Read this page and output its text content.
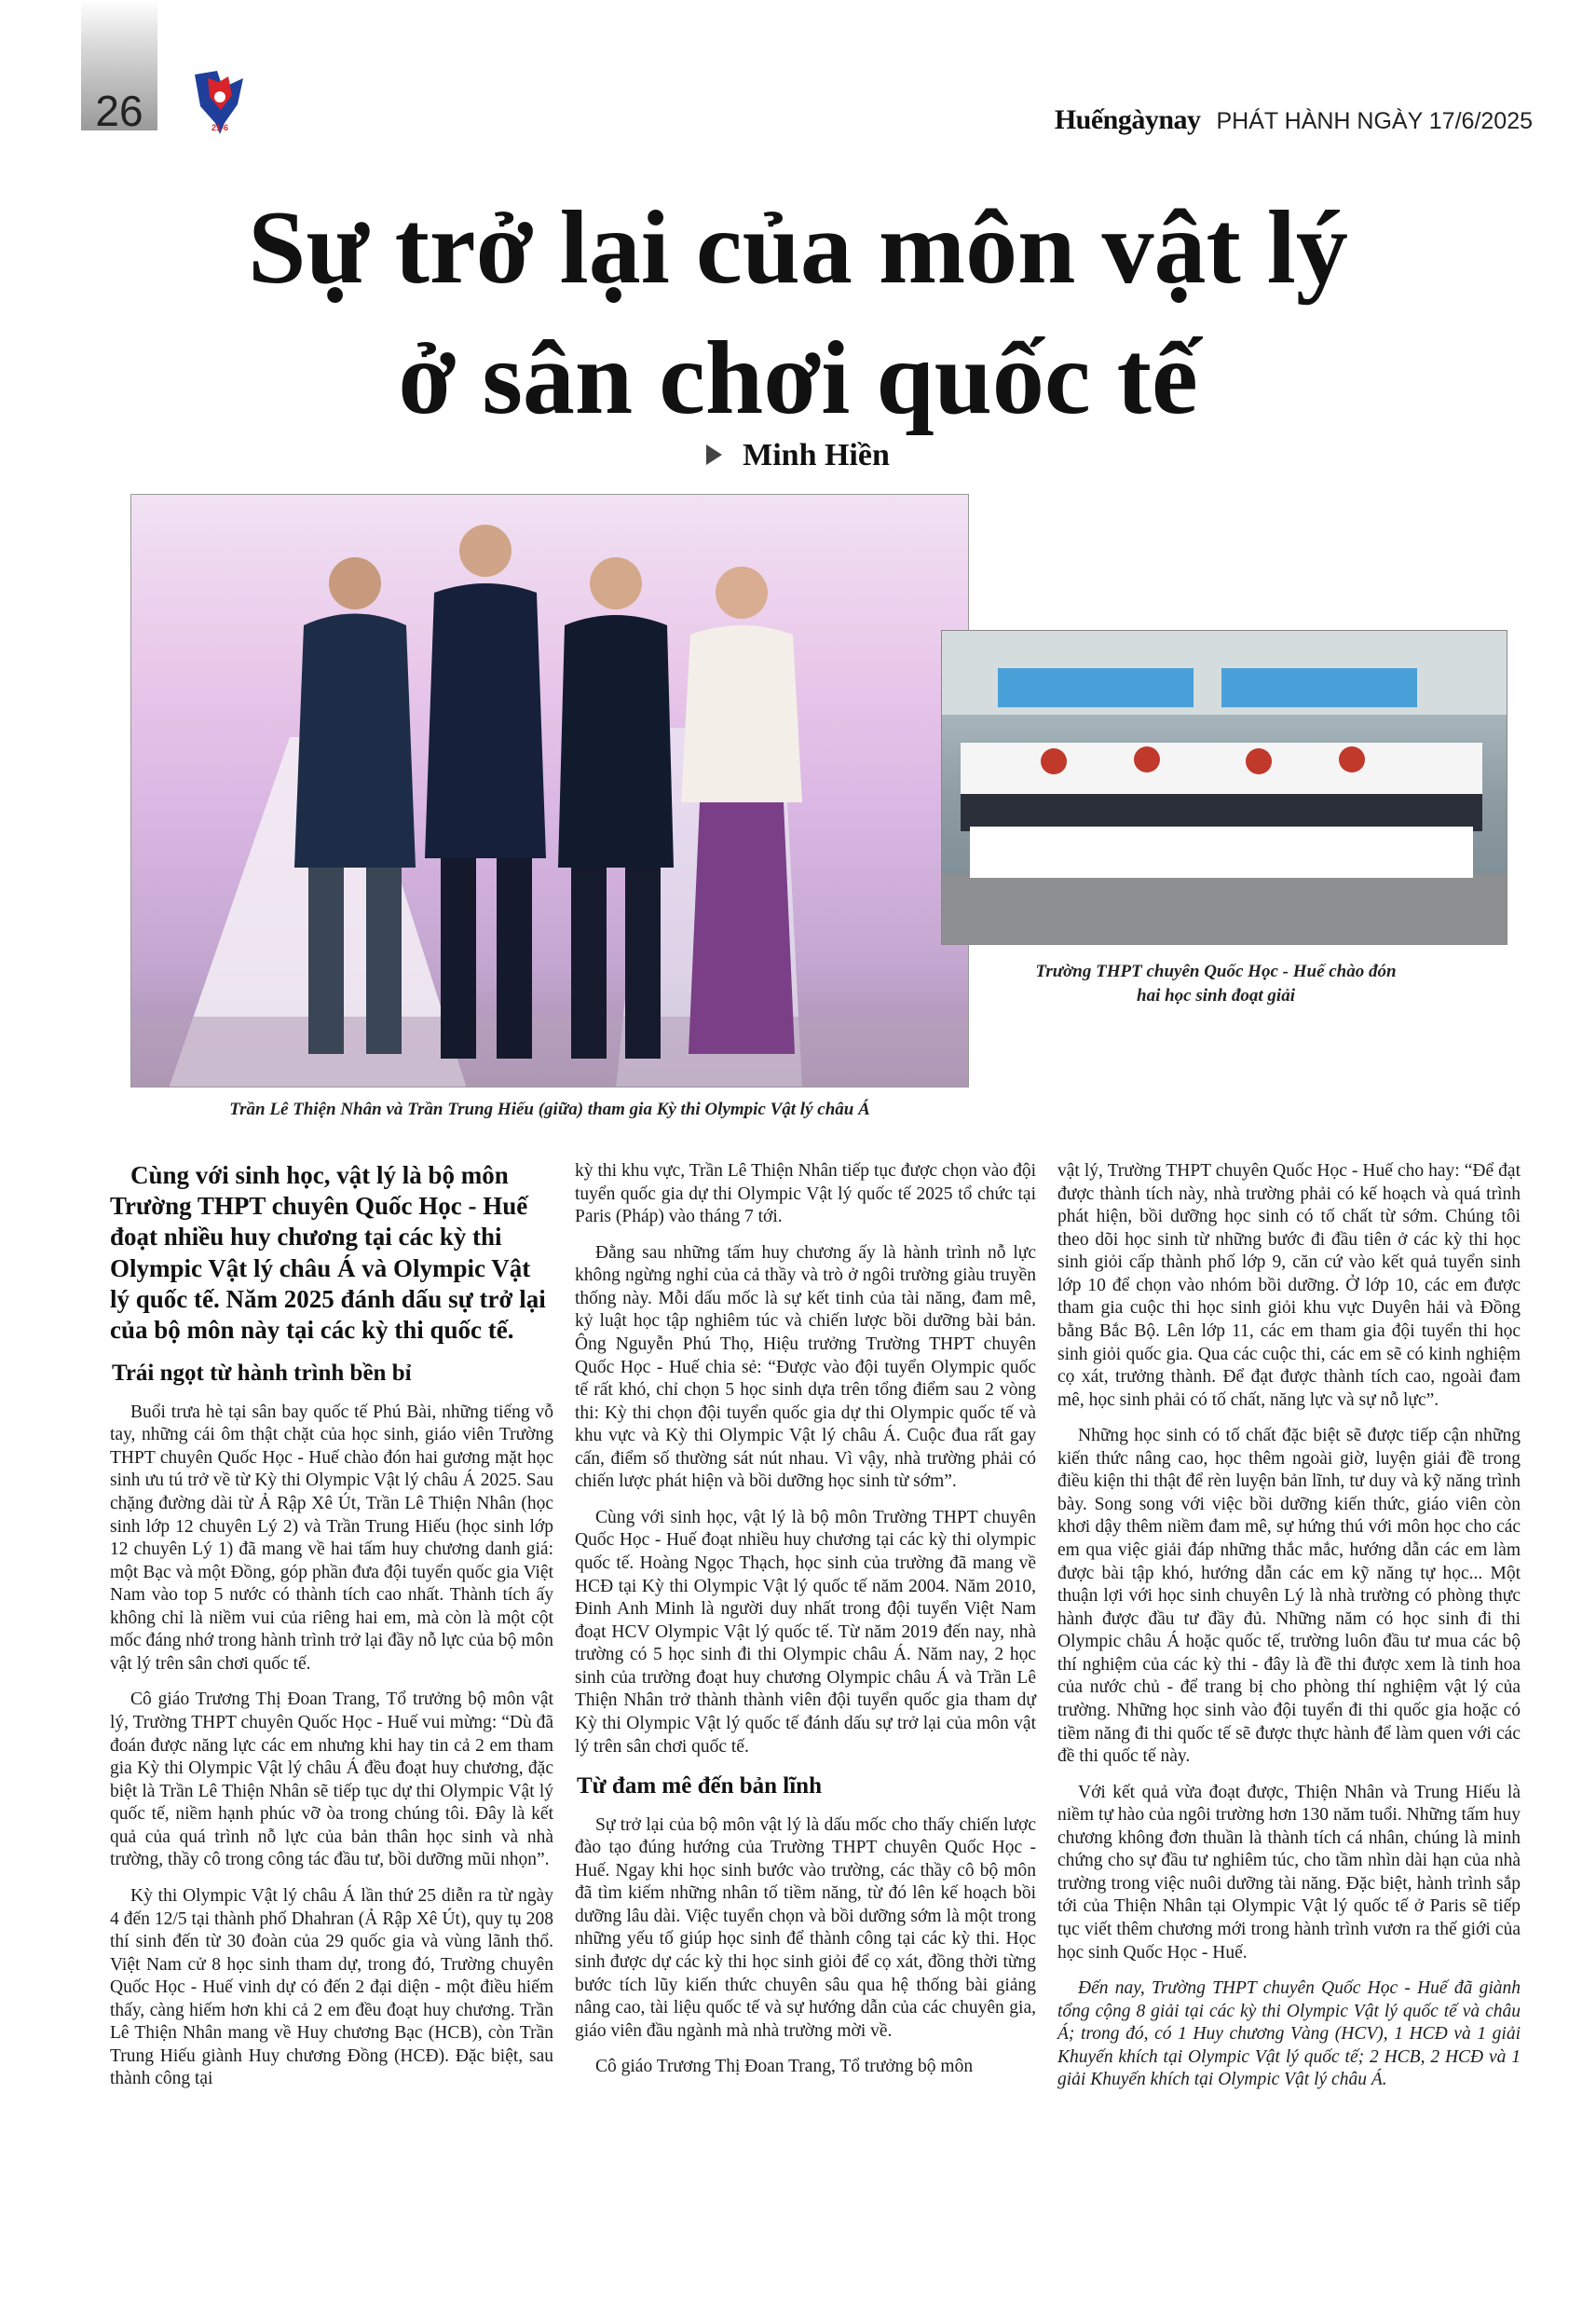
26	21-6	Huếngàynay PHÁT HÀNH NGÀY 17/6/2025
Sự trở lại của môn vật lý
ở sân chơi quốc tế
Minh Hiền
Trường THPT chuyên Quốc Học - Huế chào đón
hai học sinh đoạt giải
Trần Lê Thiện Nhân và Trần Trung Hiếu (giữa) tham gia Kỳ thi Olympic Vật lý châu Á

Cùng với sinh học, vật lý là bộ môn Trường THPT chuyên Quốc Học - Huế đoạt nhiều huy chương tại các kỳ thi Olympic Vật lý châu Á và Olympic Vật lý quốc tế. Năm 2025 đánh dấu sự trở lại của bộ môn này tại các kỳ thi quốc tế.

Trái ngọt từ hành trình bền bỉ

Buổi trưa hè tại sân bay quốc tế Phú Bài, những tiếng vỗ tay, những cái ôm thật chặt của học sinh, giáo viên Trường THPT chuyên Quốc Học - Huế chào đón hai gương mặt học sinh ưu tú trở về từ Kỳ thi Olympic Vật lý châu Á 2025. Sau chặng đường dài từ Ả Rập Xê Út, Trần Lê Thiện Nhân (học sinh lớp 12 chuyên Lý 2) và Trần Trung Hiếu (học sinh lớp 12 chuyên Lý 1) đã mang về hai tấm huy chương danh giá: một Bạc và một Đồng, góp phần đưa đội tuyển quốc gia Việt Nam vào top 5 nước có thành tích cao nhất. Thành tích ấy không chỉ là niềm vui của riêng hai em, mà còn là một cột mốc đáng nhớ trong hành trình trở lại đầy nỗ lực của bộ môn vật lý trên sân chơi quốc tế.

Cô giáo Trương Thị Đoan Trang, Tổ trưởng bộ môn vật lý, Trường THPT chuyên Quốc Học - Huế vui mừng: “Dù đã đoán được năng lực các em nhưng khi hay tin cả 2 em tham gia Kỳ thi Olympic Vật lý châu Á đều đoạt huy chương, đặc biệt là Trần Lê Thiện Nhân sẽ tiếp tục dự thi Olympic Vật lý quốc tế, niềm hạnh phúc vỡ òa trong chúng tôi. Đây là kết quả của quá trình nỗ lực của bản thân học sinh và nhà trường, thầy cô trong công tác đầu tư, bồi dưỡng mũi nhọn”.

Kỳ thi Olympic Vật lý châu Á lần thứ 25 diễn ra từ ngày 4 đến 12/5 tại thành phố Dhahran (Ả Rập Xê Út), quy tụ 208 thí sinh đến từ 30 đoàn của 29 quốc gia và vùng lãnh thổ. Việt Nam cử 8 học sinh tham dự, trong đó, Trường chuyên Quốc Học - Huế vinh dự có đến 2 đại diện - một điều hiếm thấy, càng hiếm hơn khi cả 2 em đều đoạt huy chương. Trần Lê Thiện Nhân mang về Huy chương Bạc (HCB), còn Trần Trung Hiếu giành Huy chương Đồng (HCĐ). Đặc biệt, sau thành công tại

kỳ thi khu vực, Trần Lê Thiện Nhân tiếp tục được chọn vào đội tuyển quốc gia dự thi Olympic Vật lý quốc tế 2025 tổ chức tại Paris (Pháp) vào tháng 7 tới.

Đằng sau những tấm huy chương ấy là hành trình nỗ lực không ngừng nghỉ của cả thầy và trò ở ngôi trường giàu truyền thống này. Mỗi dấu mốc là sự kết tinh của tài năng, đam mê, kỷ luật học tập nghiêm túc và chiến lược bồi dưỡng bài bản. Ông Nguyễn Phú Thọ, Hiệu trưởng Trường THPT chuyên Quốc Học - Huế chia sẻ: “Được vào đội tuyển Olympic quốc tế rất khó, chỉ chọn 5 học sinh dựa trên tổng điểm sau 2 vòng thi: Kỳ thi chọn đội tuyển quốc gia dự thi Olympic quốc tế và khu vực và Kỳ thi Olympic Vật lý châu Á. Cuộc đua rất gay cấn, điểm số thường sát nút nhau. Vì vậy, nhà trường phải có chiến lược phát hiện và bồi dưỡng học sinh từ sớm”.

Cùng với sinh học, vật lý là bộ môn Trường THPT chuyên Quốc Học - Huế đoạt nhiều huy chương tại các kỳ thi olympic quốc tế. Hoàng Ngọc Thạch, học sinh của trường đã mang về HCĐ tại Kỳ thi Olympic Vật lý quốc tế năm 2004. Năm 2010, Đinh Anh Minh là người duy nhất trong đội tuyển Việt Nam đoạt HCV Olympic Vật lý quốc tế. Từ năm 2019 đến nay, nhà trường có 5 học sinh đi thi Olympic châu Á. Năm nay, 2 học sinh của trường đoạt huy chương Olympic châu Á và Trần Lê Thiện Nhân trở thành thành viên đội tuyển quốc gia tham dự Kỳ thi Olympic Vật lý quốc tế đánh dấu sự trở lại của môn vật lý trên sân chơi quốc tế.

Từ đam mê đến bản lĩnh

Sự trở lại của bộ môn vật lý là dấu mốc cho thấy chiến lược đào tạo đúng hướng của Trường THPT chuyên Quốc Học - Huế. Ngay khi học sinh bước vào trường, các thầy cô bộ môn đã tìm kiếm những nhân tố tiềm năng, từ đó lên kế hoạch bồi dưỡng lâu dài. Việc tuyển chọn và bồi dưỡng sớm là một trong những yếu tố giúp học sinh để thành công tại các kỳ thi. Học sinh được dự các kỳ thi học sinh giỏi để cọ xát, đồng thời từng bước tích lũy kiến thức chuyên sâu qua hệ thống bài giảng nâng cao, tài liệu quốc tế và sự hướng dẫn của các chuyên gia, giáo viên đầu ngành mà nhà trường mời về.

Cô giáo Trương Thị Đoan Trang, Tổ trưởng bộ môn

vật lý, Trường THPT chuyên Quốc Học - Huế cho hay: “Để đạt được thành tích này, nhà trường phải có kế hoạch và quá trình phát hiện, bồi dưỡng học sinh có tố chất từ sớm. Chúng tôi theo dõi học sinh từ những bước đi đầu tiên ở các kỳ thi học sinh giỏi cấp thành phố lớp 9, căn cứ vào kết quả tuyển sinh lớp 10 để chọn vào nhóm bồi dưỡng. Ở lớp 10, các em được tham gia cuộc thi học sinh giỏi khu vực Duyên hải và Đồng bằng Bắc Bộ. Lên lớp 11, các em tham gia đội tuyển thi học sinh giỏi quốc gia. Qua các cuộc thi, các em sẽ có kinh nghiệm cọ xát, trưởng thành. Để đạt được thành tích cao, ngoài đam mê, học sinh phải có tố chất, năng lực và sự nỗ lực”.

Những học sinh có tố chất đặc biệt sẽ được tiếp cận những kiến thức nâng cao, học thêm ngoài giờ, luyện giải đề trong điều kiện thi thật để rèn luyện bản lĩnh, tư duy và kỹ năng trình bày. Song song với việc bồi dưỡng kiến thức, giáo viên còn khơi dậy thêm niềm đam mê, sự hứng thú với môn học cho các em qua việc giải đáp những thắc mắc, hướng dẫn các em làm được bài tập khó, hướng dẫn các em kỹ năng tự học... Một thuận lợi với học sinh chuyên Lý là nhà trường có phòng thực hành được đầu tư đầy đủ. Những năm có học sinh đi thi Olympic châu Á hoặc quốc tế, trường luôn đầu tư mua các bộ thí nghiệm của các kỳ thi - đây là đề thi được xem là tinh hoa của nước chủ - để trang bị cho phòng thí nghiệm vật lý của trường. Những học sinh vào đội tuyển đi thi quốc gia hoặc có tiềm năng đi thi quốc tế sẽ được thực hành để làm quen với các đề thi quốc tế này.

Với kết quả vừa đoạt được, Thiện Nhân và Trung Hiếu là niềm tự hào của ngôi trường hơn 130 năm tuổi. Những tấm huy chương không đơn thuần là thành tích cá nhân, chúng là minh chứng cho sự đầu tư nghiêm túc, cho tầm nhìn dài hạn của nhà trường trong việc nuôi dưỡng tài năng. Đặc biệt, hành trình sắp tới của Thiện Nhân tại Olympic Vật lý quốc tế ở Paris sẽ tiếp tục viết thêm chương mới trong hành trình vươn ra thế giới của học sinh Quốc Học - Huế.

Đến nay, Trường THPT chuyên Quốc Học - Huế đã giành tổng cộng 8 giải tại các kỳ thi Olympic Vật lý quốc tế và châu Á; trong đó, có 1 Huy chương Vàng (HCV), 1 HCĐ và 1 giải Khuyến khích tại Olympic Vật lý quốc tế; 2 HCB, 2 HCĐ và 1 giải Khuyến khích tại Olympic Vật lý châu Á.
